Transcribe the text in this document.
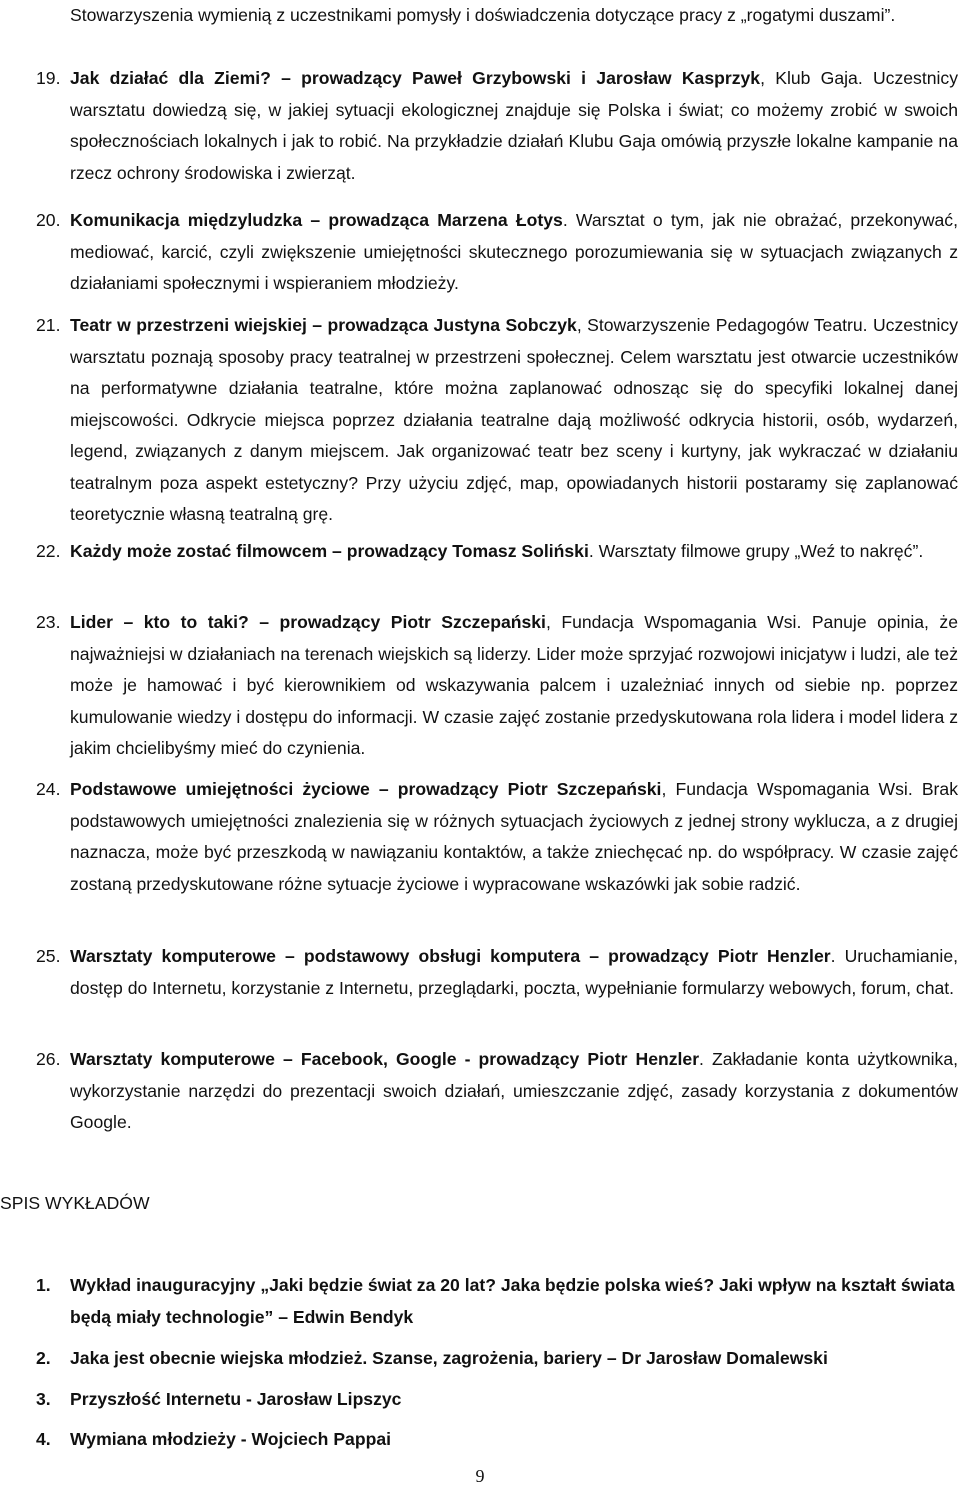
Stowarzyszenia wymienią z uczestnikami pomysły i doświadczenia dotyczące pracy z „rogatymi duszami”.
19. Jak działać dla Ziemi? – prowadzący Paweł Grzybowski i Jarosław Kasprzyk, Klub Gaja. Uczestnicy warsztatu dowiedzą się, w jakiej sytuacji ekologicznej znajduje się Polska i świat; co możemy zrobić w swoich społecznościach lokalnych i jak to robić. Na przykładzie działań Klubu Gaja omówią przyszłe lokalne kampanie na rzecz ochrony środowiska i zwierząt.
20. Komunikacja międzyludzka – prowadząca Marzena Łotys. Warsztat o tym, jak nie obrażać, przekonywać, mediować, karcić, czyli zwiększenie umiejętności skutecznego porozumiewania się w sytuacjach związanych z działaniami społecznymi i wspieraniem młodzieży.
21. Teatr w przestrzeni wiejskiej – prowadząca Justyna Sobczyk, Stowarzyszenie Pedagogów Teatru. Uczestnicy warsztatu poznają sposoby pracy teatralnej w przestrzeni społecznej. Celem warsztatu jest otwarcie uczestników na performatywne działania teatralne, które można zaplanować odnosząc się do specyfiki lokalnej danej miejscowości. Odkrycie miejsca poprzez działania teatralne dają możliwość odkrycia historii, osób, wydarzeń, legend, związanych z danym miejscem. Jak organizować teatr bez sceny i kurtyny, jak wykraczać w działaniu teatralnym poza aspekt estetyczny? Przy użyciu zdjęć, map, opowiadanych historii postaramy się zaplanować teoretycznie własną teatralną grę.
22. Każdy może zostać filmowcem – prowadzący Tomasz Soliński. Warsztaty filmowe grupy „Weź to nakręć”.
23. Lider – kto to taki? – prowadzący Piotr Szczepański, Fundacja Wspomagania Wsi. Panuje opinia, że najważniejsi w działaniach na terenach wiejskich są liderzy. Lider może sprzyjać rozwojowi inicjatyw i ludzi, ale też może je hamować i być kierownikiem od wskazywania palcem i uzależniać innych od siebie np. poprzez kumulowanie wiedzy i dostępu do informacji. W czasie zajęć zostanie przedyskutowana rola lidera i model lidera z jakim chcielibyśmy mieć do czynienia.
24. Podstawowe umiejętności życiowe – prowadzący Piotr Szczepański, Fundacja Wspomagania Wsi. Brak podstawowych umiejętności znalezienia się w różnych sytuacjach życiowych z jednej strony wyklucza, a z drugiej naznacza, może być przeszkodą w nawiązaniu kontaktów, a także zniechęcać np. do współpracy. W czasie zajęć zostaną przedyskutowane różne sytuacje życiowe i wypracowane wskazówki jak sobie radzić.
25. Warsztaty komputerowe – podstawowy obsługi komputera – prowadzący Piotr Henzler. Uruchamianie, dostęp do Internetu, korzystanie z Internetu, przeglądarki, poczta, wypełnianie formularzy webowych, forum, chat.
26. Warsztaty komputerowe – Facebook, Google - prowadzący Piotr Henzler. Zakładanie konta użytkownika, wykorzystanie narzędzi do prezentacji swoich działań, umieszczanie zdjęć, zasady korzystania z dokumentów Google.
SPIS WYKŁADÓW
1. Wykład inauguracyjny „Jaki będzie świat za 20 lat? Jaka będzie polska wieś? Jaki wpływ na kształt świata będą miały technologie” – Edwin Bendyk
2. Jaka jest obecnie wiejska młodzież. Szanse, zagrożenia, bariery – Dr Jarosław Domalewski
3. Przyszłość Internetu - Jarosław Lipszyc
4. Wymiana młodzieży - Wojciech Pappai
9
